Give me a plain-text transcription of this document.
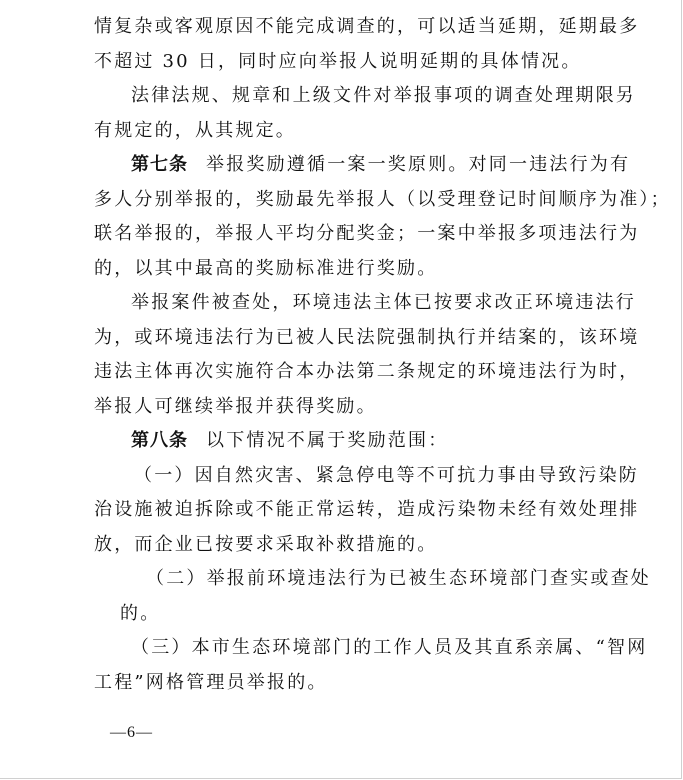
情复杂或客观原因不能完成调查的，可以适当延期，延期最多
不超过 30 日，同时应向举报人说明延期的具体情况。
法律法规、规章和上级文件对举报事项的调查处理期限另
有规定的，从其规定。
第七条 举报奖励遵循一案一奖原则。对同一违法行为有
多人分别举报的，奖励最先举报人（以受理登记时间顺序为准）；
联名举报的，举报人平均分配奖金；一案中举报多项违法行为
的，以其中最高的奖励标准进行奖励。
举报案件被查处，环境违法主体已按要求改正环境违法行
为，或环境违法行为已被人民法院强制执行并结案的，该环境
违法主体再次实施符合本办法第二条规定的环境违法行为时，
举报人可继续举报并获得奖励。
第八条 以下情况不属于奖励范围：
（一）因自然灾害、紧急停电等不可抗力事由导致污染防
治设施被迫拆除或不能正常运转，造成污染物未经有效处理排
放，而企业已按要求采取补救措施的。
（二）举报前环境违法行为已被生态环境部门查实或查处
的。
（三）本市生态环境部门的工作人员及其直系亲属、“智网
工程”网格管理员举报的。
—6—
